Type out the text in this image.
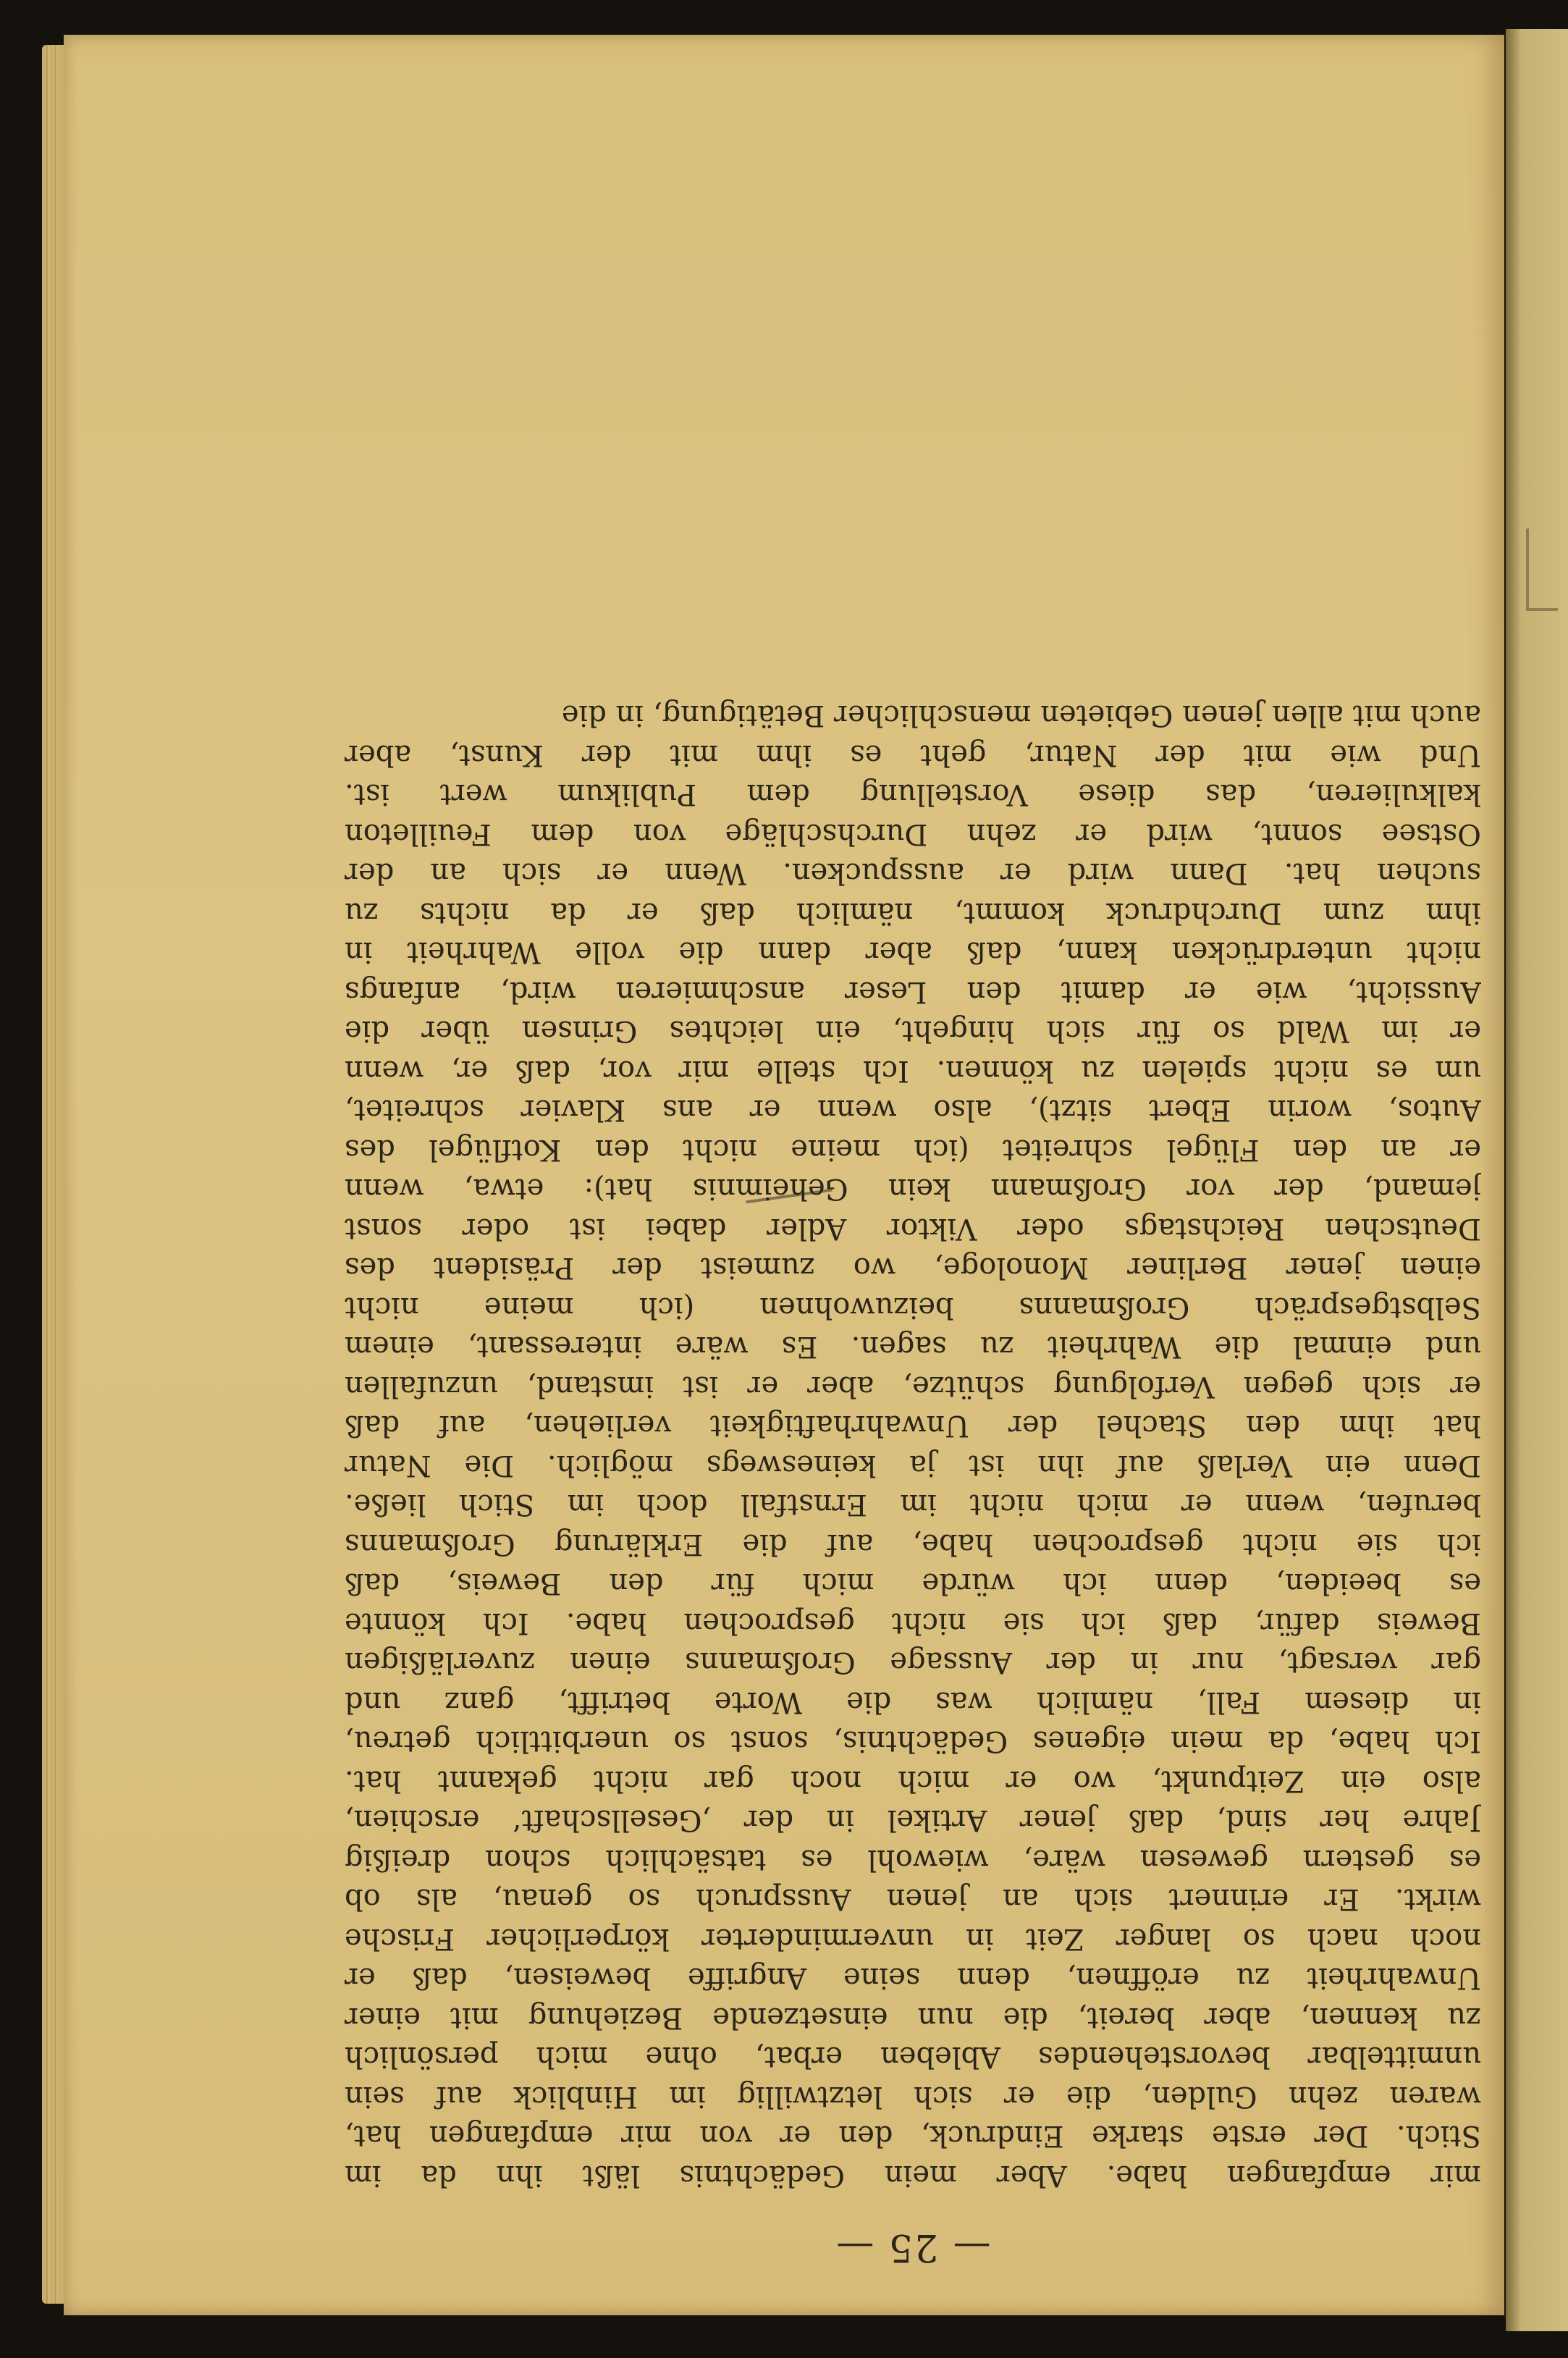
— 25 —
mir empfangen habe. Aber mein Gedächtnis läßt ihn da im
Stich. Der erste starke Eindruck, den er von mir empfangen hat,
waren zehn Gulden, die er sich letztwillig im Hinblick auf sein
unmittelbar bevorstehendes Ableben erbat, ohne mich persönlich
zu kennen, aber bereit, die nun einsetzende Beziehung mit einer
Unwahrheit zu eröffnen, denn seine Angriffe beweisen, daß er
noch nach so langer Zeit in unverminderter körperlicher Frische
wirkt. Er erinnert sich an jenen Ausspruch so genau, als ob
es gestern gewesen wäre, wiewohl es tatsächlich schon dreißig
Jahre her sind, daß jener Artikel in der ‚Gesellschaft‘ erschien,
also ein Zeitpunkt, wo er mich noch gar nicht gekannt hat.
Ich habe, da mein eigenes Gedächtnis, sonst so unerbittlich getreu,
in diesem Fall, nämlich was die Worte betrifft, ganz und
gar versagt, nur in der Aussage Großmanns einen zuverläßigen
Beweis dafür, daß ich sie nicht gesprochen habe. Ich könnte
es beeiden, denn ich würde mich für den Beweis, daß
ich sie nicht gesprochen habe, auf die Erklärung Großmanns
berufen, wenn er mich nicht im Ernstfall doch im Stich ließe.
Denn ein Verlaß auf ihn ist ja keineswegs möglich. Die Natur
hat ihm den Stachel der Unwahrhaftigkeit verliehen, auf daß
er sich gegen Verfolgung schütze, aber er ist imstand, unzufallen
und einmal die Wahrheit zu sagen. Es wäre interessant, einem
Selbstgespräch Großmanns beizuwohnen (ich meine nicht
einen jener Berliner Monologe, wo zumeist der Präsident des
Deutschen Reichstags oder Viktor Adler dabei ist oder sonst
jemand, der vor Großmann kein Geheimnis hat): etwa, wenn
er an den Flügel schreitet (ich meine nicht den Kotflügel des
Autos, worin Ebert sitzt), also wenn er ans Klavier schreitet,
um es nicht spielen zu können. Ich stelle mir vor, daß er, wenn
er im Wald so für sich hingeht, ein leichtes Grinsen über die
Aussicht, wie er damit den Leser anschmieren wird, anfangs
nicht unterdrücken kann, daß aber dann die volle Wahrheit in
ihm zum Durchdruck kommt, nämlich daß er da nichts zu
suchen hat. Dann wird er ausspucken. Wenn er sich an der
Ostsee sonnt, wird er zehn Durchschläge von dem Feuilleton
kalkulieren, das diese Vorstellung dem Publikum wert ist.
Und wie mit der Natur, geht es ihm mit der Kunst, aber
auch mit allen jenen Gebieten menschlicher Betätigung, in die
